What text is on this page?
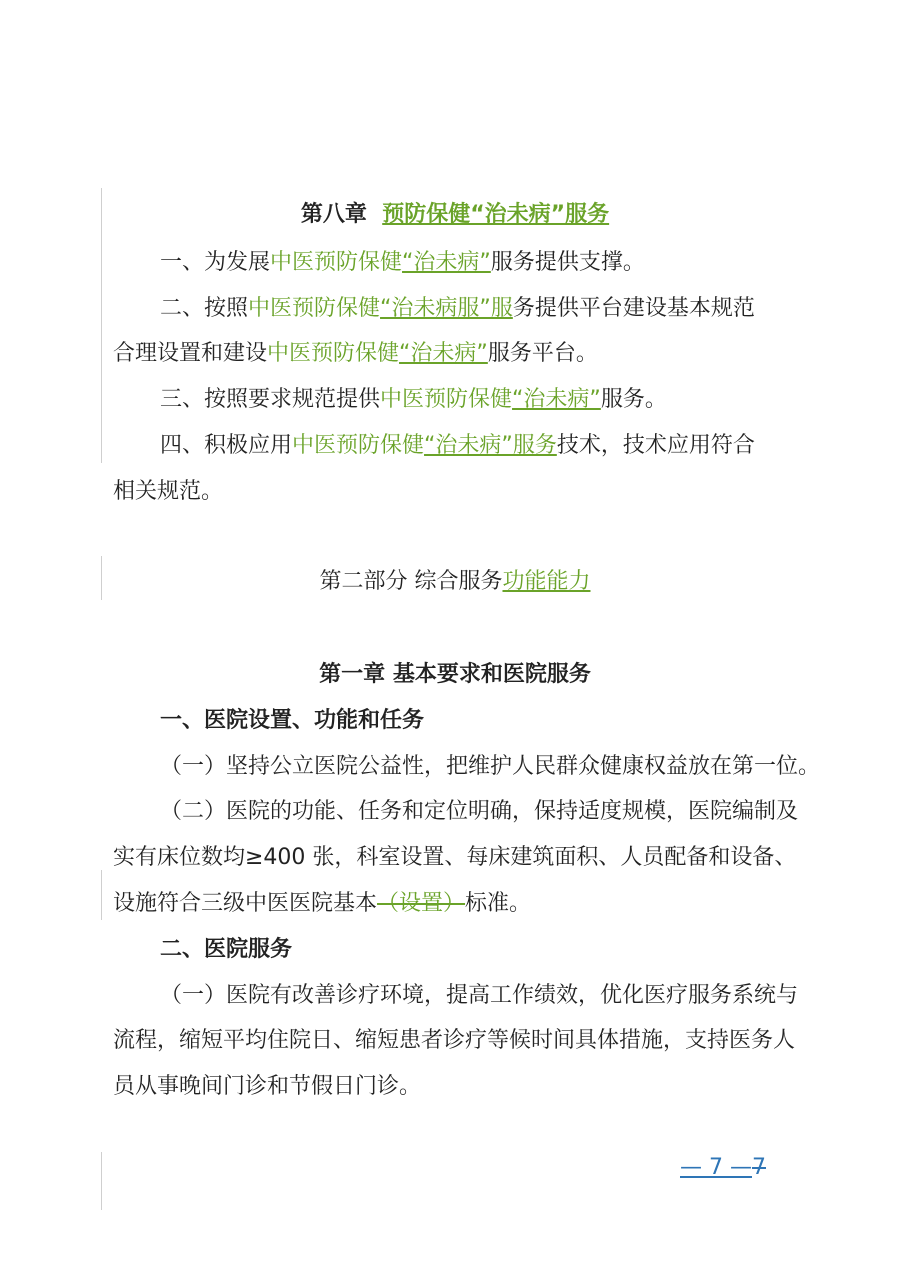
第八章 预防保健“治未病”服务
一、为发展中医预防保健“治未病”服务提供支撑。
二、按照中医预防保健“治未病服”服务提供平台建设基本规范
合理设置和建设中医预防保健“治未病”服务平台。
三、按照要求规范提供中医预防保健“治未病”服务。
四、积极应用中医预防保健“治未病”服务技术，技术应用符合
相关规范。
第二部分 综合服务功能能力
第一章 基本要求和医院服务
一、医院设置、功能和任务
（一）坚持公立医院公益性，把维护人民群众健康权益放在第一位。
（二）医院的功能、任务和定位明确，保持适度规模，医院编制及
实有床位数均≥400 张，科室设置、每床建筑面积、人员配备和设备、
设施符合三级中医医院基本（设置）标准。
二、医院服务
（一）医院有改善诊疗环境，提高工作绩效，优化医疗服务系统与
流程，缩短平均住院日、缩短患者诊疗等候时间具体措施，支持医务人
员从事晚间门诊和节假日门诊。
— 7 —7
